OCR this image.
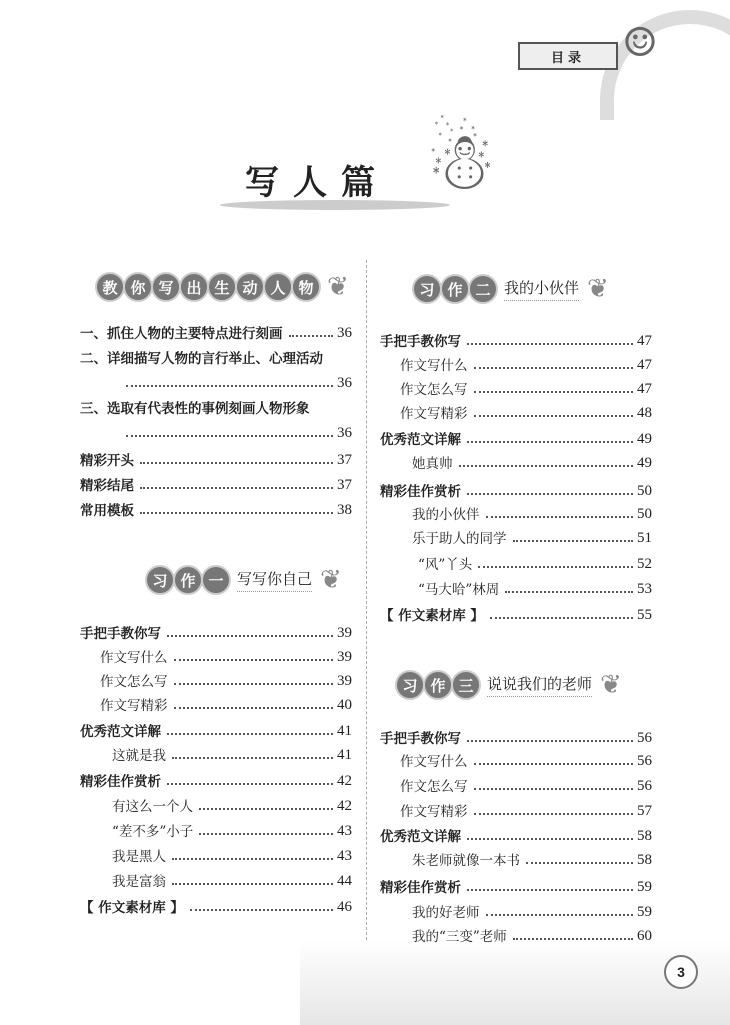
☺
目录
写人篇 ☃
3
教 你 写 出 生 动 人 物 ❦
一、抓住人物的主要特点进行刻画	36
二、详细描写人物的言行举止、心理活动
36
三、选取有代表性的事例刻画人物形象
36
精彩开头	37
精彩结尾	37
常用模板	38
习 作 一 写写你自己 ❦
手把手教你写	39
作文写什么	39
作文怎么写	39
作文写精彩	40
优秀范文详解	41
这就是我	41
精彩佳作赏析	42
有这么一个人	42
“差不多”小子	43
我是黑人	43
我是富翁	44
【 作文素材库 】	46
习 作 二 我的小伙伴 ❦
手把手教你写	47
作文写什么	47
作文怎么写	47
作文写精彩	48
优秀范文详解	49
她真帅	49
精彩佳作赏析	50
我的小伙伴	50
乐于助人的同学	51
“风”丫头	52
“马大哈”林周	53
【 作文素材库 】	55
习 作 三 说说我们的老师 ❦
手把手教你写	56
作文写什么	56
作文怎么写	56
作文写精彩	57
优秀范文详解	58
朱老师就像一本书	58
精彩佳作赏析	59
我的好老师	59
我的“三变”老师	60
